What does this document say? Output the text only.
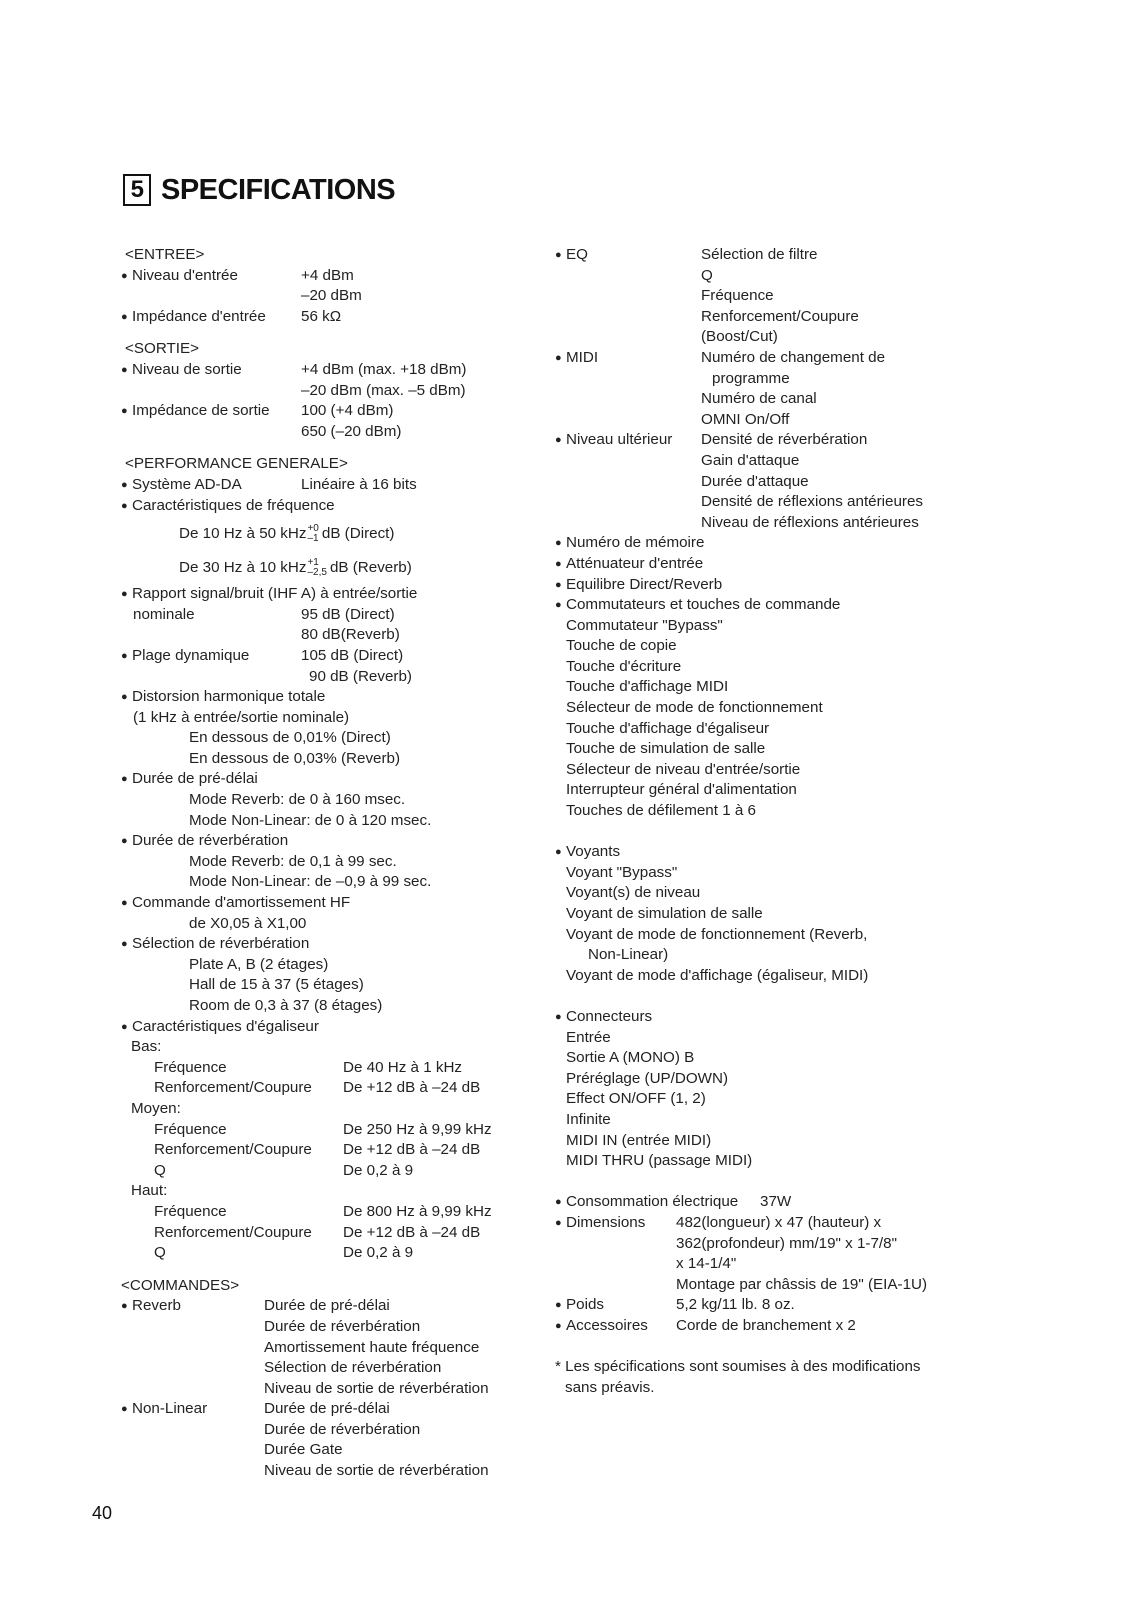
5 SPECIFICATIONS
<ENTREE>
● Niveau d'entrée	+4 dBm
–20 dBm
● Impédance d'entrée 56 kΩ
<SORTIE>
● Niveau de sortie	+4 dBm (max. +18 dBm)
–20 dBm (max. –5 dBm)
● Impédance de sortie 100 (+4 dBm)
650 (–20 dBm)
<PERFORMANCE GENERALE>
● Système AD-DA	Linéaire à 16 bits
● Caractéristiques de fréquence
De 10 Hz à 50 kHz +0
–1 dB (Direct)
De 30 Hz à 10 kHz +1
–2,5 dB (Reverb)
● Rapport signal/bruit (IHF A) à entrée/sortie
nominale	95 dB (Direct)
80 dB(Reverb)
● Plage dynamique	105 dB (Direct)
90 dB (Reverb)
● Distorsion harmonique totale
(1 kHz à entrée/sortie nominale)
En dessous de 0,01% (Direct)
En dessous de 0,03% (Reverb)
● Durée de pré-délai
Mode Reverb: de 0 à 160 msec.
Mode Non-Linear: de 0 à 120 msec.
● Durée de réverbération
Mode Reverb: de 0,1 à 99 sec.
Mode Non-Linear: de –0,9 à 99 sec.
● Commande d'amortissement HF
de X0,05 à X1,00
● Sélection de réverbération
Plate A, B (2 étages)
Hall de 15 à 37 (5 étages)
Room de 0,3 à 37 (8 étages)
● Caractéristiques d'égaliseur
Bas:
Fréquence	De 40 Hz à 1 kHz
Renforcement/Coupure De +12 dB à –24 dB
Moyen:
Fréquence	De 250 Hz à 9,99 kHz
Renforcement/Coupure De +12 dB à –24 dB
Q	De 0,2 à 9
Haut:
Fréquence	De 800 Hz à 9,99 kHz
Renforcement/Coupure De +12 dB à –24 dB
Q	De 0,2 à 9
<COMMANDES>
● Reverb	Durée de pré-délai
Durée de réverbération
Amortissement haute fréquence
Sélection de réverbération
Niveau de sortie de réverbération
● Non-Linear	Durée de pré-délai
Durée de réverbération
Durée Gate
Niveau de sortie de réverbération
● EQ	Sélection de filtre
Q
Fréquence
Renforcement/Coupure
(Boost/Cut)
● MIDI	Numéro de changement de
programme
Numéro de canal
OMNI On/Off
● Niveau ultérieur Densité de réverbération
Gain d'attaque
Durée d'attaque
Densité de réflexions antérieures
Niveau de réflexions antérieures
● Numéro de mémoire
● Atténuateur d'entrée
● Equilibre Direct/Reverb
● Commutateurs et touches de commande
Commutateur "Bypass"
Touche de copie
Touche d'écriture
Touche d'affichage MIDI
Sélecteur de mode de fonctionnement
Touche d'affichage d'égaliseur
Touche de simulation de salle
Sélecteur de niveau d'entrée/sortie
Interrupteur général d'alimentation
Touches de défilement 1 à 6
● Voyants
Voyant "Bypass"
Voyant(s) de niveau
Voyant de simulation de salle
Voyant de mode de fonctionnement (Reverb,
Non-Linear)
Voyant de mode d'affichage (égaliseur, MIDI)
● Connecteurs
Entrée
Sortie A (MONO) B
Préréglage (UP/DOWN)
Effect ON/OFF (1, 2)
Infinite
MIDI IN (entrée MIDI)
MIDI THRU (passage MIDI)
● Consommation électrique 37W
● Dimensions 482(longueur) x 47 (hauteur) x
362(profondeur) mm/19" x 1-7/8"
x 14-1/4"
Montage par châssis de 19" (EIA-1U)
● Poids	5,2 kg/11 lb. 8 oz.
● Accessoires Corde de branchement x 2
* Les spécifications sont soumises à des modifications
sans préavis.
40
